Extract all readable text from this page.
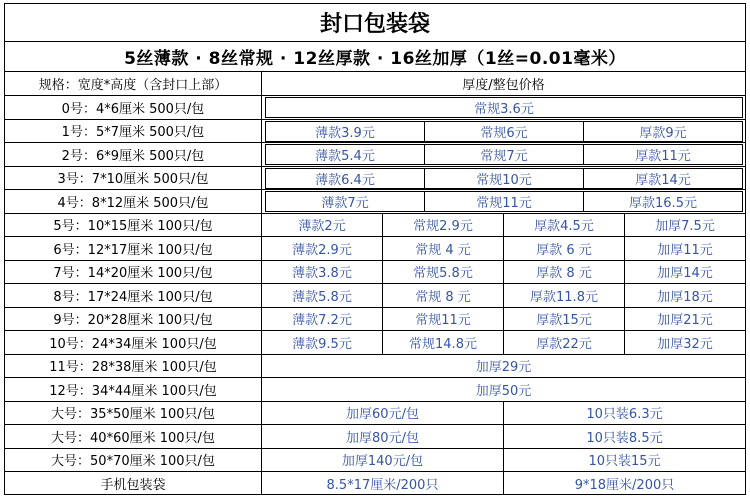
封口包装袋
5丝薄款 · 8丝常规 · 12丝厚款 · 16丝加厚（1丝=0.01毫米）
规格：宽度*高度（含封口上部）	厚度/整包价格
0号：4*6厘米 500只/包	常规3.6元
1号：5*7厘米 500只/包	薄款3.9元	常规6元	厚款9元
2号：6*9厘米 500只/包	薄款5.4元	常规7元	厚款11元
3号：7*10厘米 500只/包	薄款6.4元	常规10元	厚款14元
4号：8*12厘米 500只/包	薄款7元	常规11元	厚款16.5元
5号：10*15厘米 100只/包	薄款2元	常规2.9元	厚款4.5元	加厚7.5元
6号：12*17厘米 100只/包	薄款2.9元	常规 4 元	厚款 6 元	加厚11元
7号：14*20厘米 100只/包	薄款3.8元	常规5.8元	厚款 8 元	加厚14元
8号：17*24厘米 100只/包	薄款5.8元	常规 8 元	厚款11.8元	加厚18元
9号：20*28厘米 100只/包	薄款7.2元	常规11元	厚款15元	加厚21元
10号：24*34厘米 100只/包	薄款9.5元	常规14.8元	厚款22元	加厚32元
11号：28*38厘米 100只/包	加厚29元
12号：34*44厘米 100只/包	加厚50元
大号：35*50厘米 100只/包	加厚60元/包	10只装6.3元
大号：40*60厘米 100只/包	加厚80元/包	10只装8.5元
大号：50*70厘米 100只/包	加厚140元/包	10只装15元
手机包装袋	8.5*17厘米/200只	9*18厘米/200只
